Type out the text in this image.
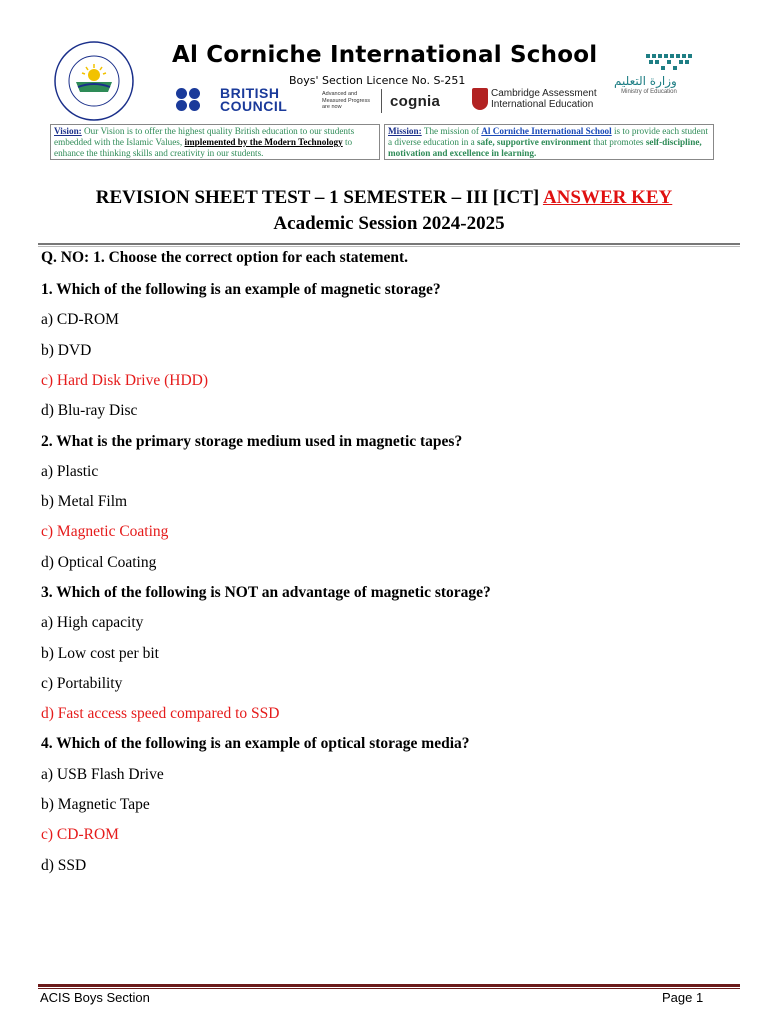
Al Corniche International School
Boys' Section Licence No. S-251
BRITISH
COUNCIL
Advanced and Measured Progress are now	cognia	Cambridge Assessment
International Education
وزارة التعليم
Ministry of Education
Vision: Our Vision is to offer the highest quality British education to our students embedded with the Islamic Values, implemented by the Modern Technology to enhance the thinking skills and creativity in our students.
Mission: The mission of Al Corniche International School is to provide each student a diverse education in a safe, supportive environment that promotes self-discipline, motivation and excellence in learning.
REVISION SHEET TEST – 1 SEMESTER – III [ICT] ANSWER KEY
Academic Session 2024-2025
Q. NO: 1. Choose the correct option for each statement.
1. Which of the following is an example of magnetic storage?
a) CD-ROM
b) DVD
c) Hard Disk Drive (HDD)
d) Blu-ray Disc
2. What is the primary storage medium used in magnetic tapes?
a) Plastic
b) Metal Film
c) Magnetic Coating
d) Optical Coating
3. Which of the following is NOT an advantage of magnetic storage?
a) High capacity
b) Low cost per bit
c) Portability
d) Fast access speed compared to SSD
4. Which of the following is an example of optical storage media?
a) USB Flash Drive
b) Magnetic Tape
c) CD-ROM
d) SSD
ACIS Boys Section	Page 1
